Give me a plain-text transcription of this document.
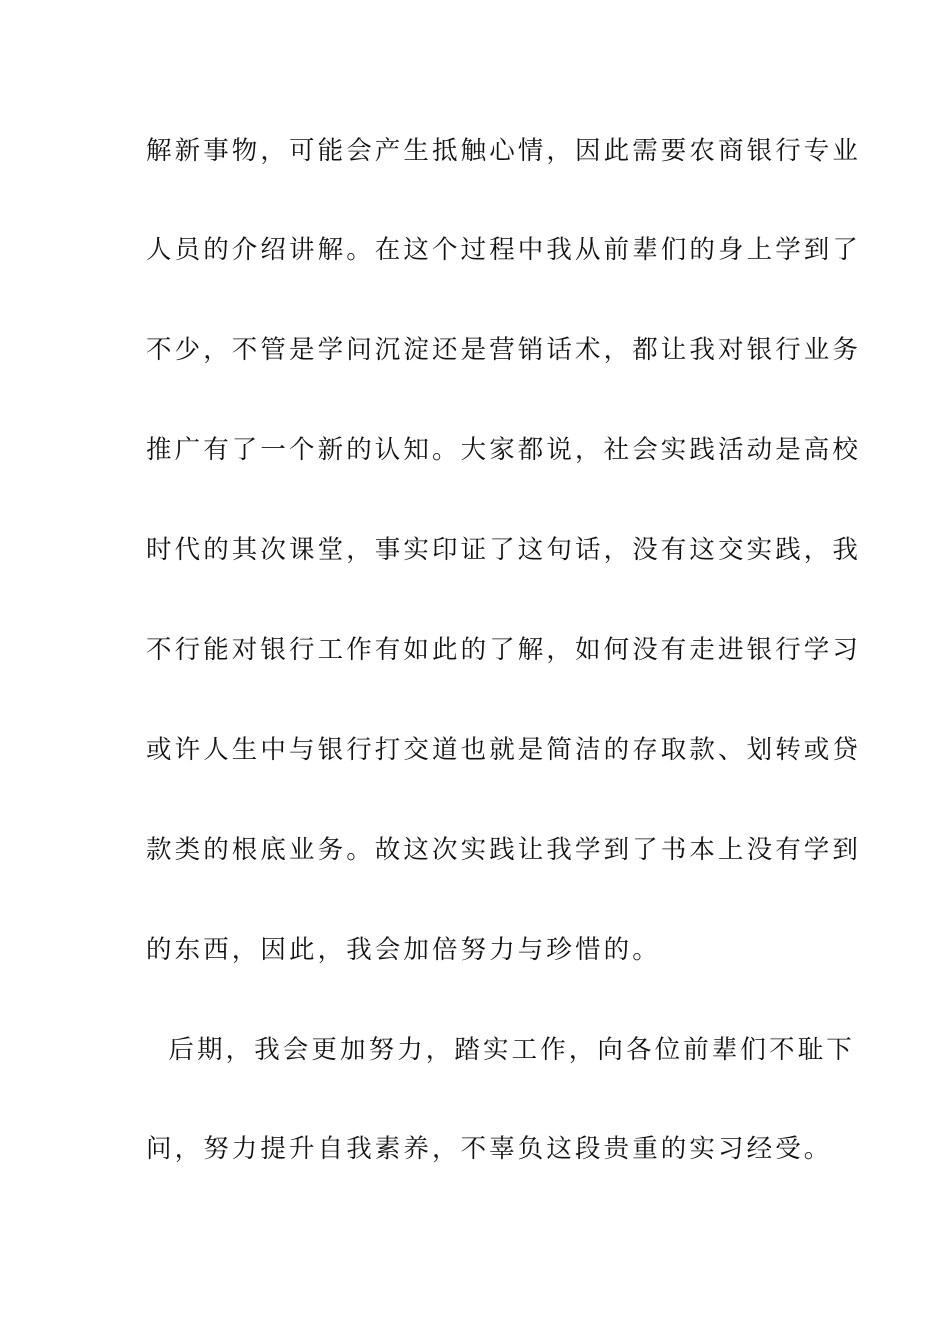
解新事物，可能会产生抵触心情，因此需要农商银行专业
人员的介绍讲解。在这个过程中我从前辈们的身上学到了
不少，不管是学问沉淀还是营销话术，都让我对银行业务
推广有了一个新的认知。大家都说，社会实践活动是高校
时代的其次课堂，事实印证了这句话，没有这交实践，我
不行能对银行工作有如此的了解，如何没有走进银行学习
或许人生中与银行打交道也就是简洁的存取款、划转或贷
款类的根底业务。故这次实践让我学到了书本上没有学到
的东西，因此，我会加倍努力与珍惜的。
后期，我会更加努力，踏实工作，向各位前辈们不耻下
问，努力提升自我素养，不辜负这段贵重的实习经受。
